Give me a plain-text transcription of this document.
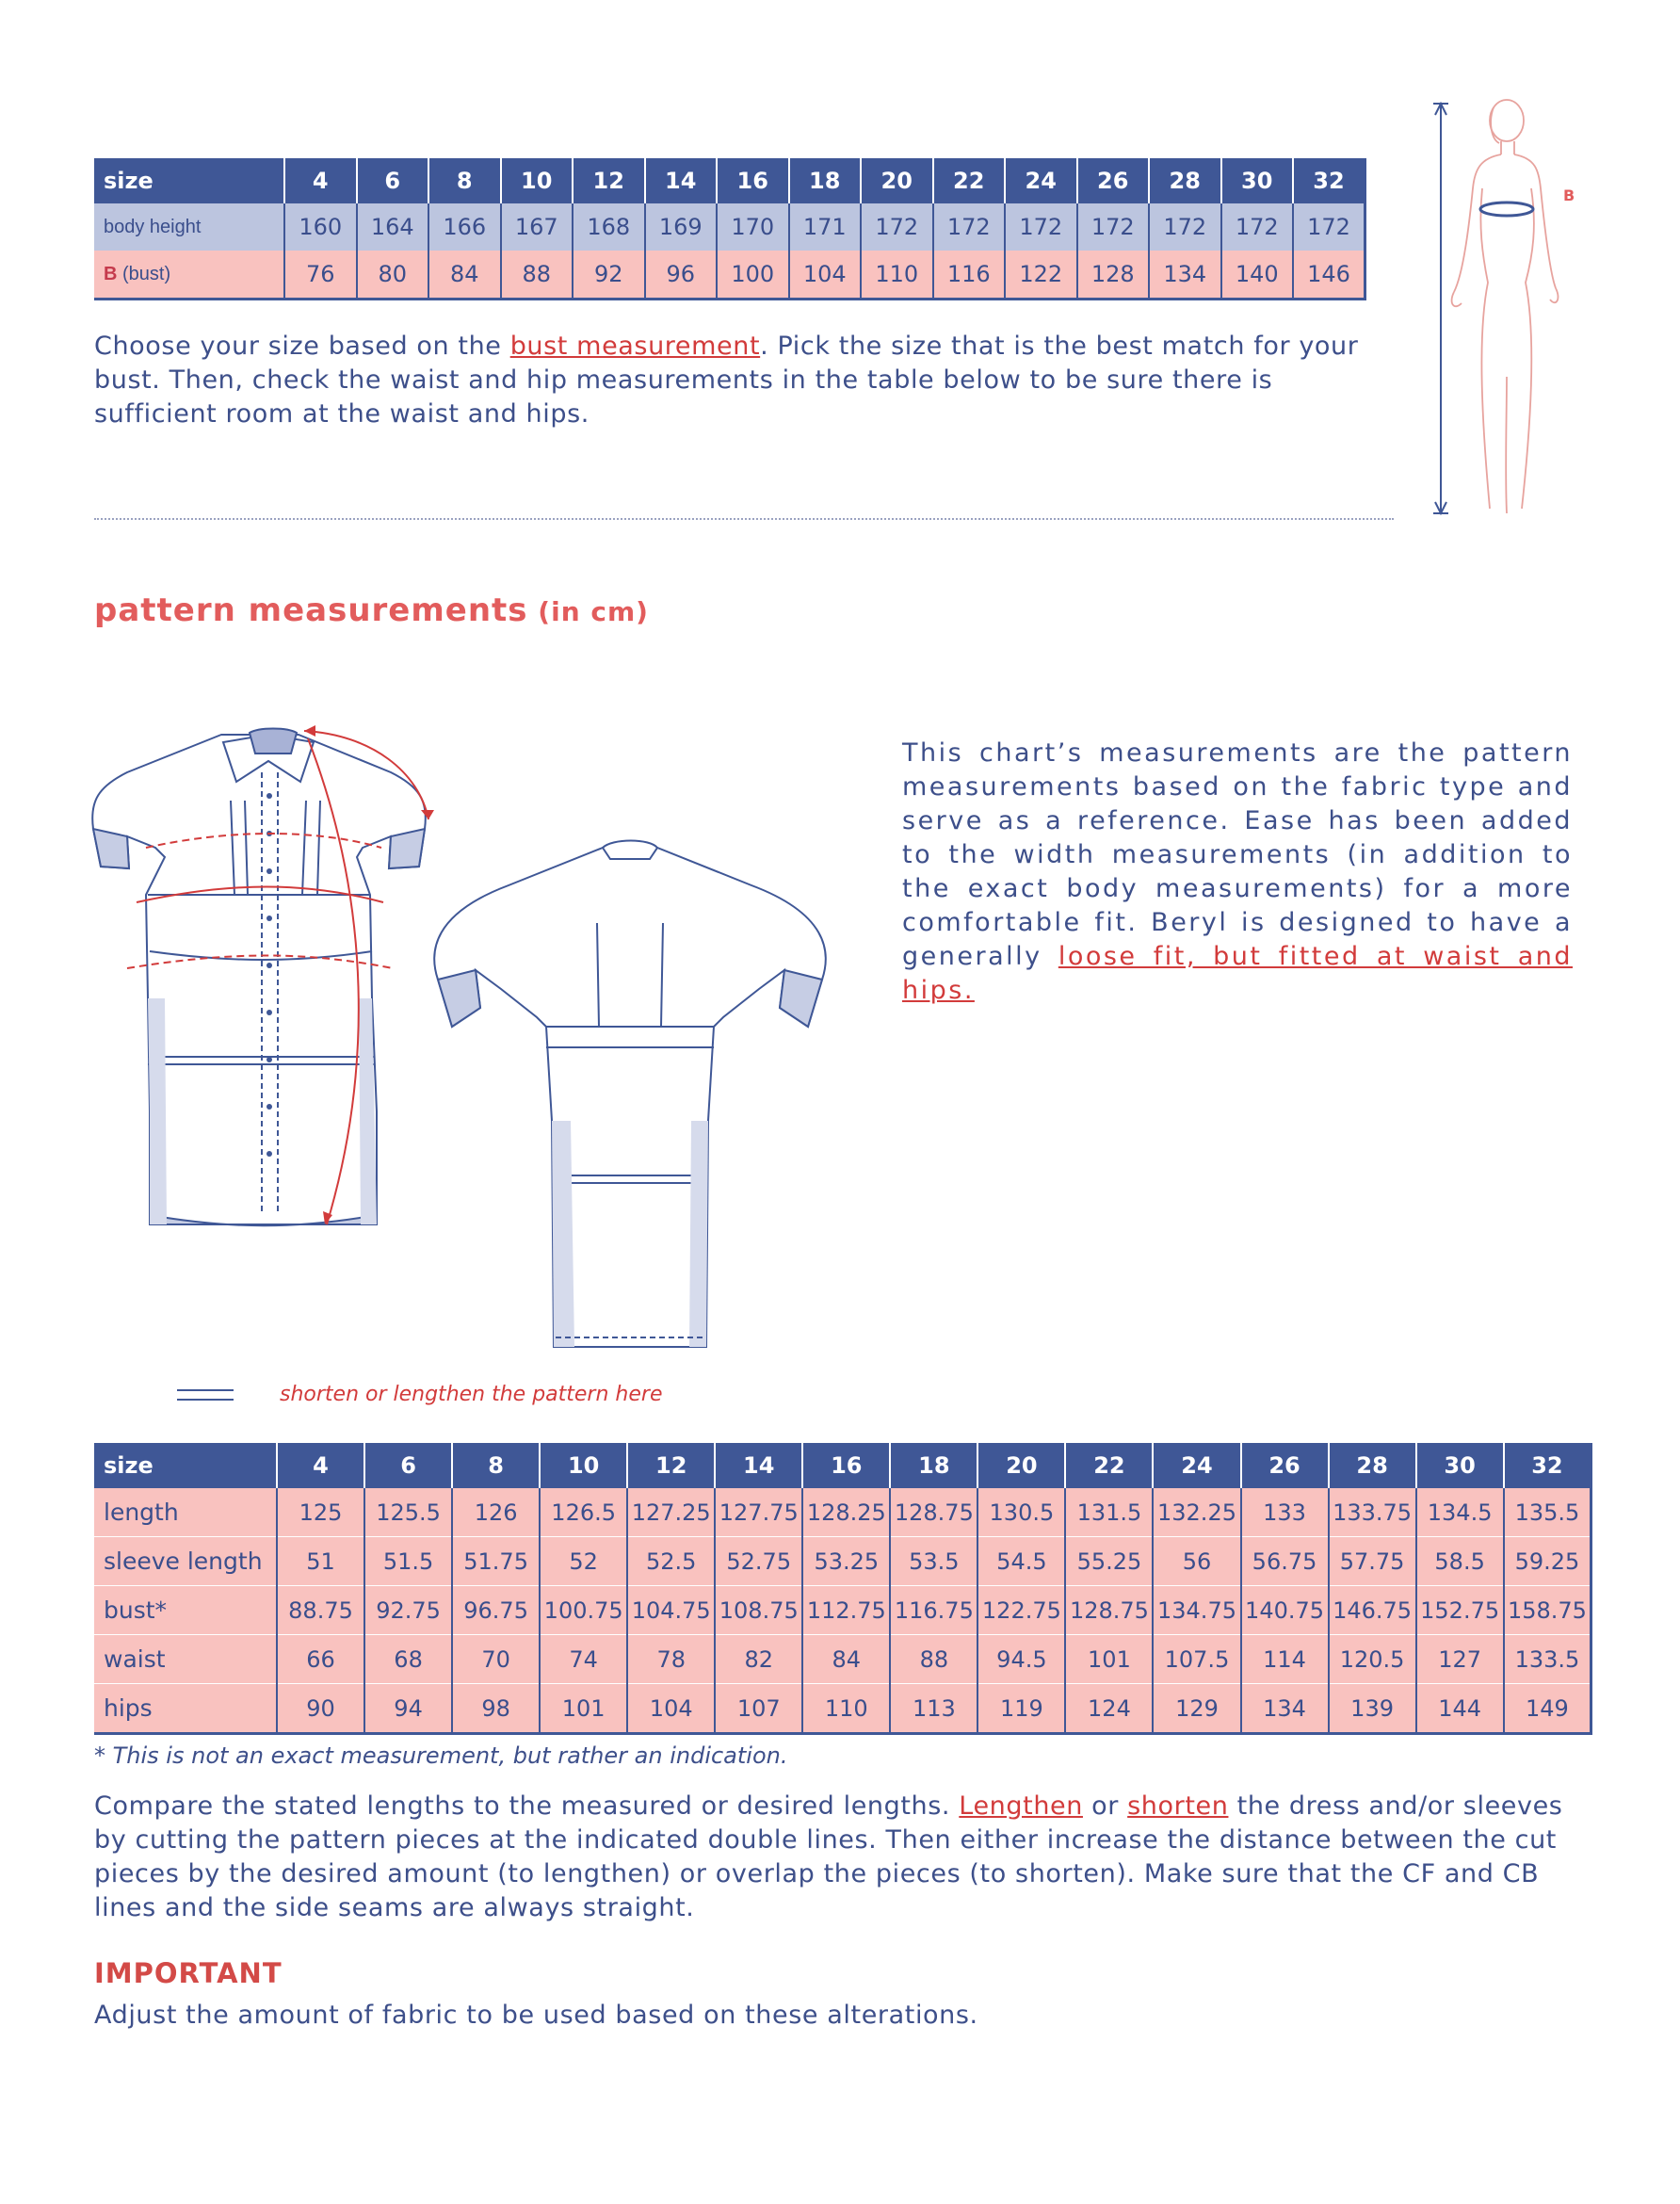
size	4	6	8	10	12	14	16	18	20	22	24	26	28	30	32
body height	160	164	166	167	168	169	170	171	172	172	172	172	172	172	172
B (bust)	76	80	84	88	92	96	100	104	110	116	122	128	134	140	146
Choose your size based on the bust measurement. Pick the size that is the best match for your bust. Then, check the waist and hip measurements in the table below to be sure there is sufficient room at the waist and hips.
B
pattern measurements (in cm)
This chart’s measurements are the pattern measurements based on the fabric type and serve as a reference. Ease has been added to the width measurements (in addition to the exact body measurements) for a more comfortable fit. Beryl is designed to have a generally loose fit, but fitted at waist and hips.
shorten or lengthen the pattern here
size	4	6	8	10	12	14	16	18	20	22	24	26	28	30	32
length	125	125.5	126	126.5	127.25	127.75	128.25	128.75	130.5	131.5	132.25	133	133.75	134.5	135.5
sleeve length	51	51.5	51.75	52	52.5	52.75	53.25	53.5	54.5	55.25	56	56.75	57.75	58.5	59.25
bust*	88.75	92.75	96.75	100.75	104.75	108.75	112.75	116.75	122.75	128.75	134.75	140.75	146.75	152.75	158.75
waist	66	68	70	74	78	82	84	88	94.5	101	107.5	114	120.5	127	133.5
hips	90	94	98	101	104	107	110	113	119	124	129	134	139	144	149
* This is not an exact measurement, but rather an indication.
Compare the stated lengths to the measured or desired lengths. Lengthen or shorten the dress and/or sleeves by cutting the pattern pieces at the indicated double lines. Then either increase the distance between the cut pieces by the desired amount (to lengthen) or overlap the pieces (to shorten). Make sure that the CF and CB lines and the side seams are always straight.
IMPORTANT
Adjust the amount of fabric to be used based on these alterations.
